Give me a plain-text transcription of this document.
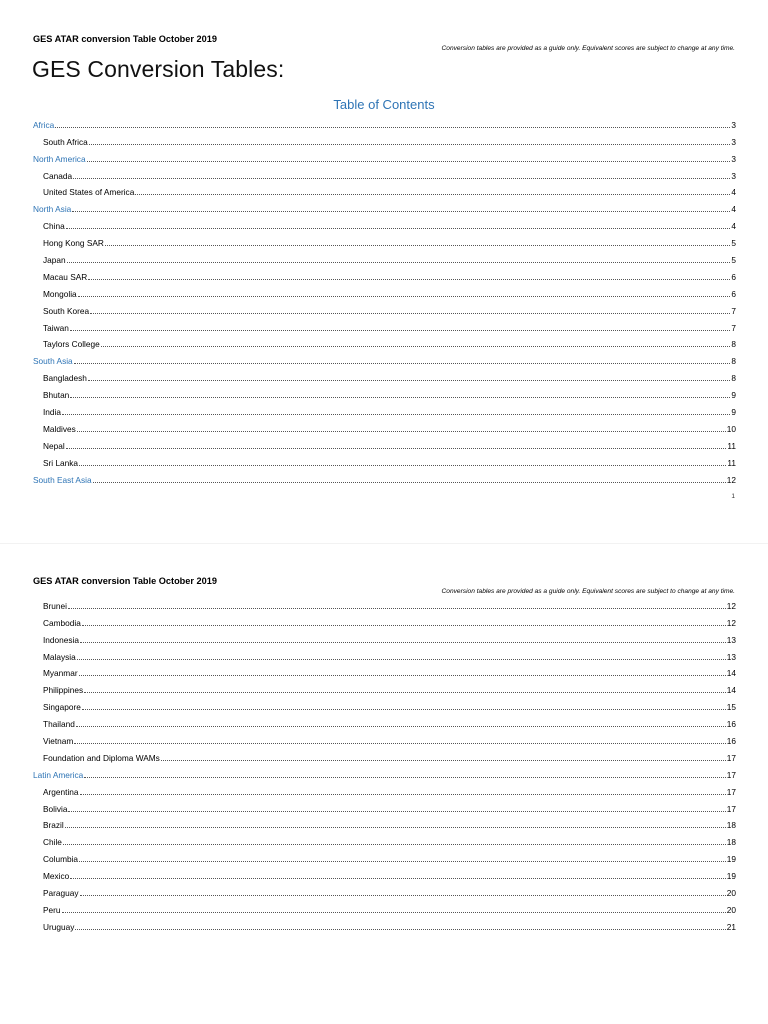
GES ATAR conversion Table October 2019
Conversion tables are provided as a guide only. Equivalent scores are subject to change at any time.
GES Conversion Tables:
Table of Contents
Africa	3
South Africa	3
North America	3
Canada	3
United States of America	4
North Asia	4
China	4
Hong Kong SAR	5
Japan	5
Macau SAR	6
Mongolia	6
South Korea	7
Taiwan	7
Taylors College	8
South Asia	8
Bangladesh	8
Bhutan	9
India	9
Maldives	10
Nepal	11
Sri Lanka	11
South East Asia	12
1
GES ATAR conversion Table October 2019
Conversion tables are provided as a guide only. Equivalent scores are subject to change at any time.
Brunei	12
Cambodia	12
Indonesia	13
Malaysia	13
Myanmar	14
Philippines	14
Singapore	15
Thailand	16
Vietnam	16
Foundation and Diploma WAMs	17
Latin America	17
Argentina	17
Bolivia	17
Brazil	18
Chile	18
Columbia	19
Mexico	19
Paraguay	20
Peru	20
Uruguay	21
